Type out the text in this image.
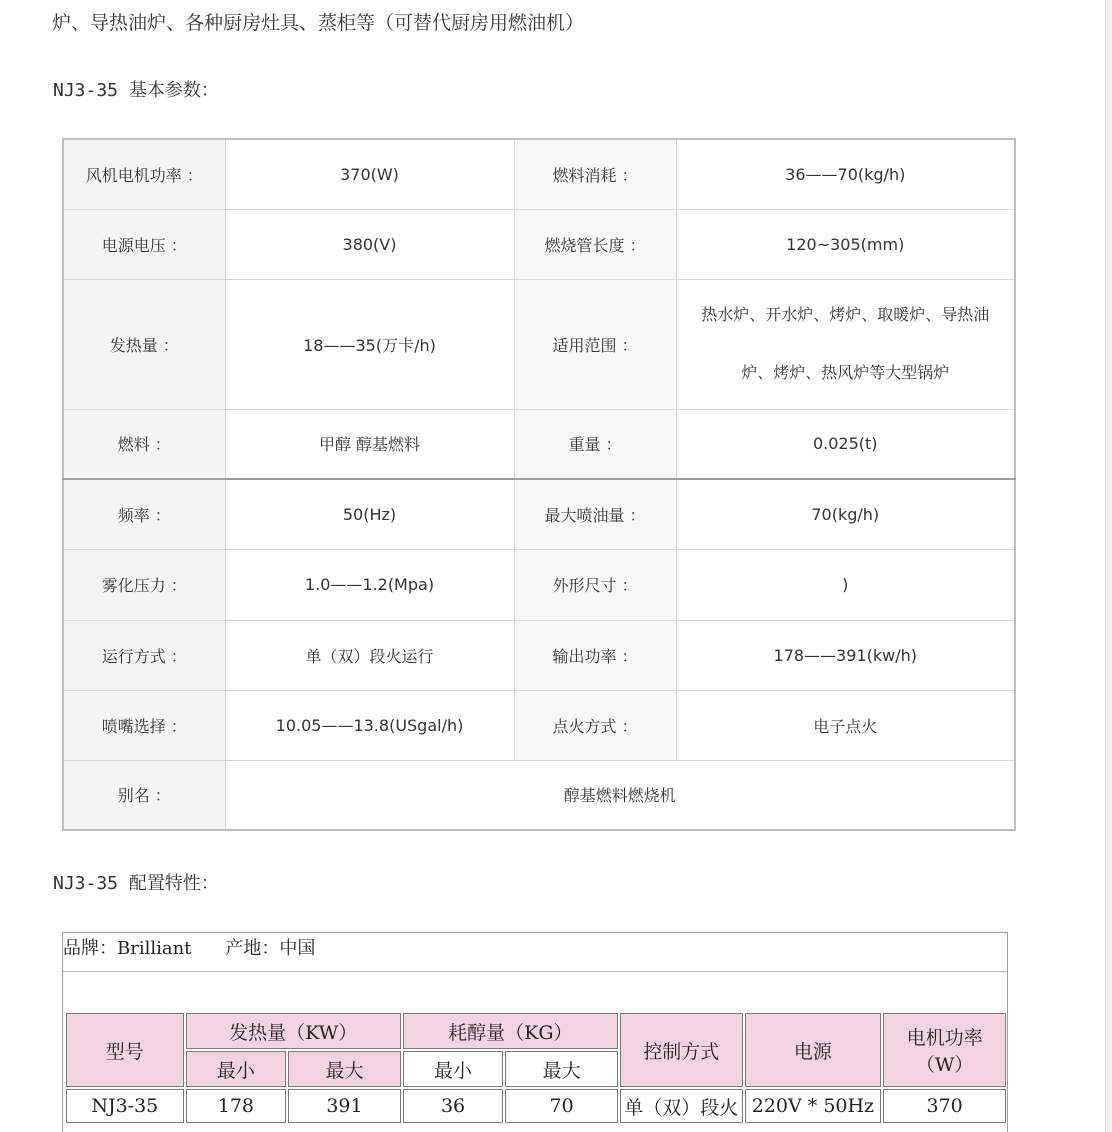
炉、导热油炉、各种厨房灶具、蒸柜等（可替代厨房用燃油机）
NJ3-35 基本参数：
风机电机功率 ：	370(W)	燃料消耗 ：	36——70(kg/h)
电源电压 ：	380(V)	燃烧管长度 ：	120~305(mm)
发热量 ：	18——35(万卡/h)	适用范围 ：	热水炉、开水炉、烤炉、取暖炉、导热油
炉、烤炉、热风炉等大型锅炉

燃料 ：	甲醇 醇基燃料	重量 ：	0.025(t)
频率 ：	50(Hz)	最大喷油量 ：	70(kg/h)
雾化压力 ：	1.0——1.2(Mpa)	外形尺寸 ：	)
运行方式 ：	单（双）段火运行	输出功率 ：	178——391(kw/h)
喷嘴选择 ：	10.05——13.8(USgal/h)	点火方式 ：	电子点火
别名 ：	醇基燃料燃烧机		
NJ3-35 配置特性：
品牌：Brilliant 产地：中国
型号	发热量（KW）		耗醇量（KG）		控制方式	电源	电机功率（W）
	最小	最大	最小	最大			
NJ3-35	178	391	36	70	单（双）段火	220V * 50Hz	370
